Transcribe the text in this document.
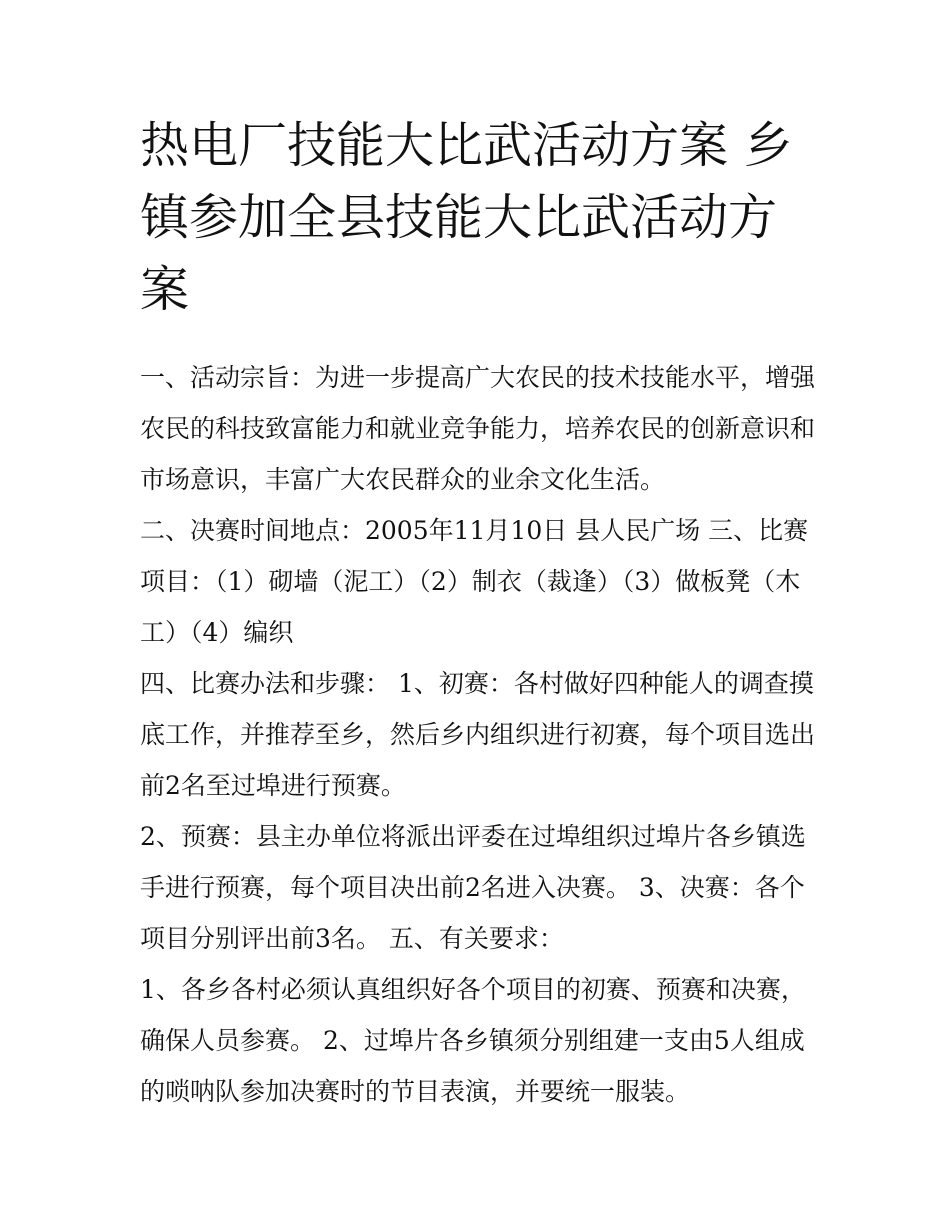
热电厂技能大比武活动方案 乡镇参加全县技能大比武活动方案

一、活动宗旨：为进一步提高广大农民的技术技能水平，增强农民的科技致富能力和就业竞争能力，培养农民的创新意识和市场意识，丰富广大农民群众的业余文化生活。

二、决赛时间地点：2005年11月10日 县人民广场 三、比赛项目：（1）砌墙（泥工）（2）制衣（裁逢）（3）做板凳（木工）（4）编织

四、比赛办法和步骤： 1、初赛：各村做好四种能人的调查摸底工作，并推荐至乡，然后乡内组织进行初赛，每个项目选出前2名至过埠进行预赛。

2、预赛：县主办单位将派出评委在过埠组织过埠片各乡镇选手进行预赛，每个项目决出前2名进入决赛。 3、决赛：各个项目分别评出前3名。 五、有关要求：

1、各乡各村必须认真组织好各个项目的初赛、预赛和决赛，确保人员参赛。 2、过埠片各乡镇须分别组建一支由5人组成的唢呐队参加决赛时的节目表演，并要统一服装。
